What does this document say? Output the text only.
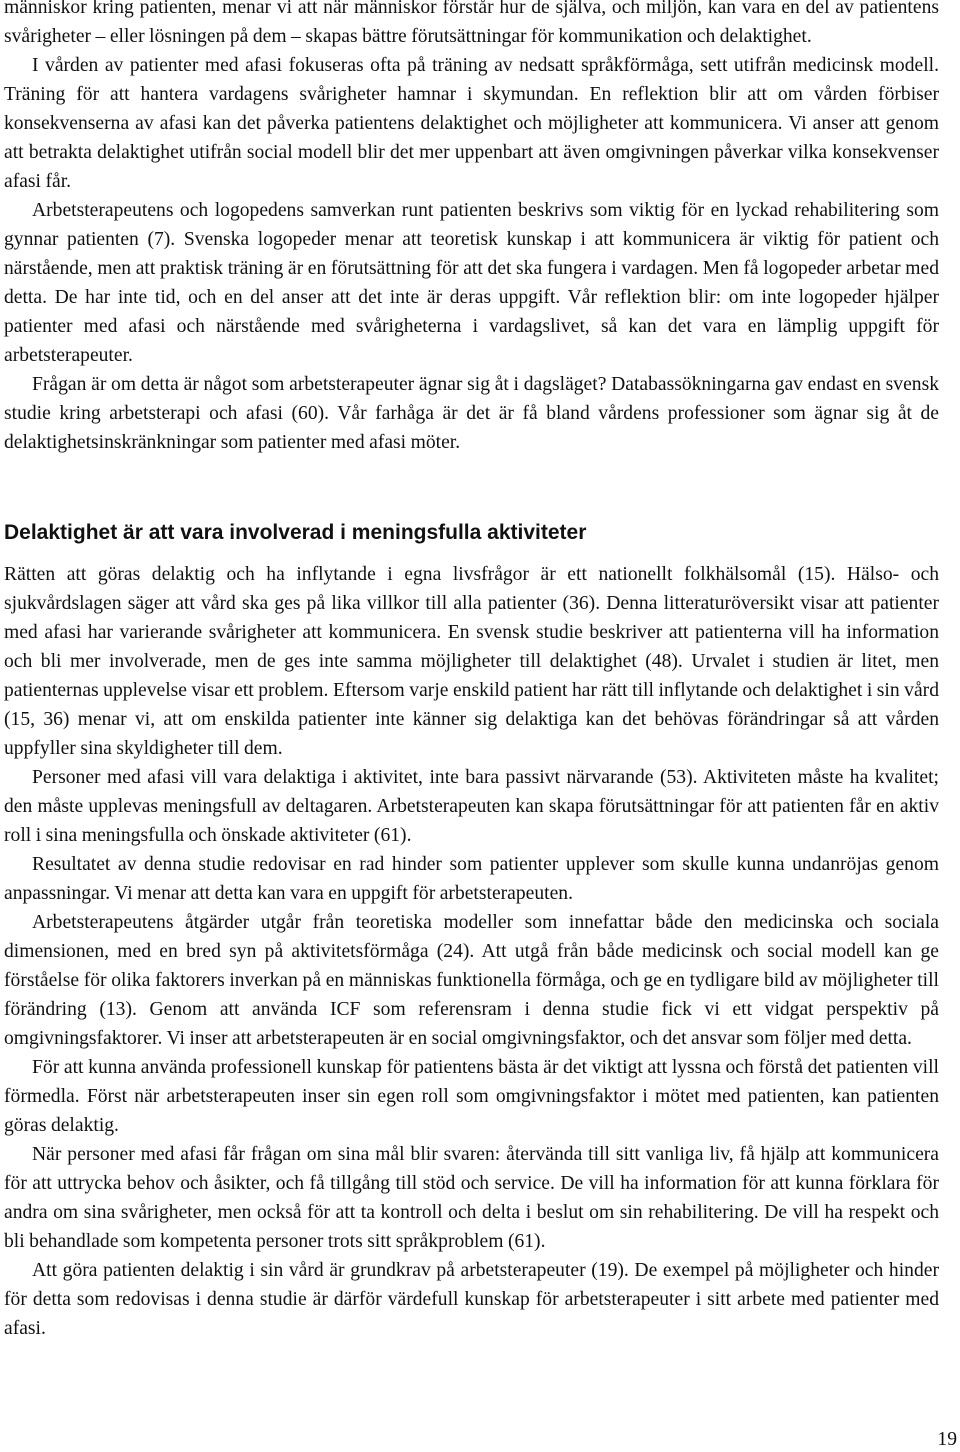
människor kring patienten, menar vi att när människor förstår hur de själva, och miljön, kan vara en del av patientens svårigheter – eller lösningen på dem – skapas bättre förutsättningar för kommunikation och delaktighet.

I vården av patienter med afasi fokuseras ofta på träning av nedsatt språkförmåga, sett utifrån medicinsk modell. Träning för att hantera vardagens svårigheter hamnar i skymundan. En reflektion blir att om vården förbiser konsekvenserna av afasi kan det påverka patientens delaktighet och möjligheter att kommunicera. Vi anser att genom att betrakta delaktighet utifrån social modell blir det mer uppenbart att även omgivningen påverkar vilka konsekvenser afasi får.

Arbetsterapeutens och logopedens samverkan runt patienten beskrivs som viktig för en lyckad rehabilitering som gynnar patienten (7). Svenska logopeder menar att teoretisk kunskap i att kommunicera är viktig för patient och närstående, men att praktisk träning är en förutsättning för att det ska fungera i vardagen. Men få logopeder arbetar med detta. De har inte tid, och en del anser att det inte är deras uppgift. Vår reflektion blir: om inte logopeder hjälper patienter med afasi och närstående med svårigheterna i vardagslivet, så kan det vara en lämplig uppgift för arbetsterapeuter.

Frågan är om detta är något som arbetsterapeuter ägnar sig åt i dagsläget? Databassökningarna gav endast en svensk studie kring arbetsterapi och afasi (60). Vår farhåga är det är få bland vårdens professioner som ägnar sig åt de delaktighetsinskränkningar som patienter med afasi möter.

Delaktighet är att vara involverad i meningsfulla aktiviteter

Rätten att göras delaktig och ha inflytande i egna livsfrågor är ett nationellt folkhälsomål (15). Hälso- och sjukvårdslagen säger att vård ska ges på lika villkor till alla patienter (36). Denna litteraturöversikt visar att patienter med afasi har varierande svårigheter att kommunicera. En svensk studie beskriver att patienterna vill ha information och bli mer involverade, men de ges inte samma möjligheter till delaktighet (48). Urvalet i studien är litet, men patienternas upplevelse visar ett problem. Eftersom varje enskild patient har rätt till inflytande och delaktighet i sin vård (15, 36) menar vi, att om enskilda patienter inte känner sig delaktiga kan det behövas förändringar så att vården uppfyller sina skyldigheter till dem.

Personer med afasi vill vara delaktiga i aktivitet, inte bara passivt närvarande (53). Aktiviteten måste ha kvalitet; den måste upplevas meningsfull av deltagaren. Arbetsterapeuten kan skapa förutsättningar för att patienten får en aktiv roll i sina meningsfulla och önskade aktiviteter (61).

Resultatet av denna studie redovisar en rad hinder som patienter upplever som skulle kunna undanröjas genom anpassningar. Vi menar att detta kan vara en uppgift för arbetsterapeuten.

Arbetsterapeutens åtgärder utgår från teoretiska modeller som innefattar både den medicinska och sociala dimensionen, med en bred syn på aktivitetsförmåga (24). Att utgå från både medicinsk och social modell kan ge förståelse för olika faktorers inverkan på en människas funktionella förmåga, och ge en tydligare bild av möjligheter till förändring (13). Genom att använda ICF som referensram i denna studie fick vi ett vidgat perspektiv på omgivningsfaktorer. Vi inser att arbetsterapeuten är en social omgivningsfaktor, och det ansvar som följer med detta.

För att kunna använda professionell kunskap för patientens bästa är det viktigt att lyssna och förstå det patienten vill förmedla. Först när arbetsterapeuten inser sin egen roll som omgivningsfaktor i mötet med patienten, kan patienten göras delaktig.

När personer med afasi får frågan om sina mål blir svaren: återvända till sitt vanliga liv, få hjälp att kommunicera för att uttrycka behov och åsikter, och få tillgång till stöd och service. De vill ha information för att kunna förklara för andra om sina svårigheter, men också för att ta kontroll och delta i beslut om sin rehabilitering. De vill ha respekt och bli behandlade som kompetenta personer trots sitt språkproblem (61).

Att göra patienten delaktig i sin vård är grundkrav på arbetsterapeuter (19). De exempel på möjligheter och hinder för detta som redovisas i denna studie är därför värdefull kunskap för arbetsterapeuter i sitt arbete med patienter med afasi.

19
